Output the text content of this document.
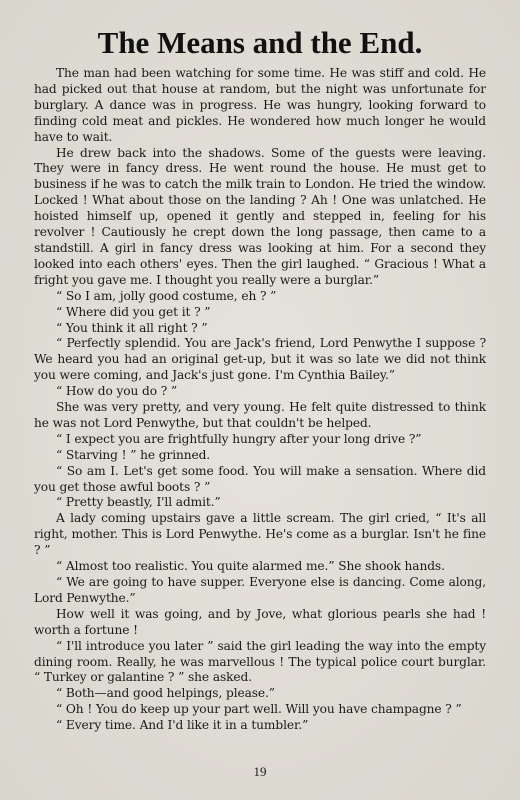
The Means and the End.

The man had been watching for some time. He was stiff and cold. He had picked out that house at random, but the night was unfortunate for burglary. A dance was in progress. He was hungry, looking forward to finding cold meat and pickles. He wondered how much longer he would have to wait.

He drew back into the shadows. Some of the guests were leaving. They were in fancy dress. He went round the house. He must get to business if he was to catch the milk train to London. He tried the window. Locked ! What about those on the landing ? Ah ! One was unlatched. He hoisted himself up, opened it gently and stepped in, feeling for his revolver ! Cautiously he crept down the long passage, then came to a standstill. A girl in fancy dress was looking at him. For a second they looked into each others' eyes. Then the girl laughed. “ Gracious ! What a fright you gave me. I thought you really were a burglar.”

“ So I am, jolly good costume, eh ? ”

“ Where did you get it ? ”

“ You think it all right ? ”

“ Perfectly splendid. You are Jack's friend, Lord Penwythe I suppose ? We heard you had an original get-up, but it was so late we did not think you were coming, and Jack's just gone. I'm Cynthia Bailey.”

“ How do you do ? ”

She was very pretty, and very young. He felt quite distressed to think he was not Lord Penwythe, but that couldn't be helped.

“ I expect you are frightfully hungry after your long drive ?”

“ Starving ! ” he grinned.

“ So am I. Let's get some food. You will make a sensation. Where did you get those awful boots ? ”

“ Pretty beastly, I'll admit.”

A lady coming upstairs gave a little scream. The girl cried, “ It's all right, mother. This is Lord Penwythe. He's come as a burglar. Isn't he fine ? ”

“ Almost too realistic. You quite alarmed me.” She shook hands.

“ We are going to have supper. Everyone else is dancing. Come along, Lord Penwythe.”

How well it was going, and by Jove, what glorious pearls she had ! worth a fortune !

“ I'll introduce you later ” said the girl leading the way into the empty dining room. Really, he was marvellous ! The typical police court burglar. “ Turkey or galantine ? ” she asked.

“ Both—and good helpings, please.”

“ Oh ! You do keep up your part well. Will you have champagne ? ”

“ Every time. And I'd like it in a tumbler.”

19
